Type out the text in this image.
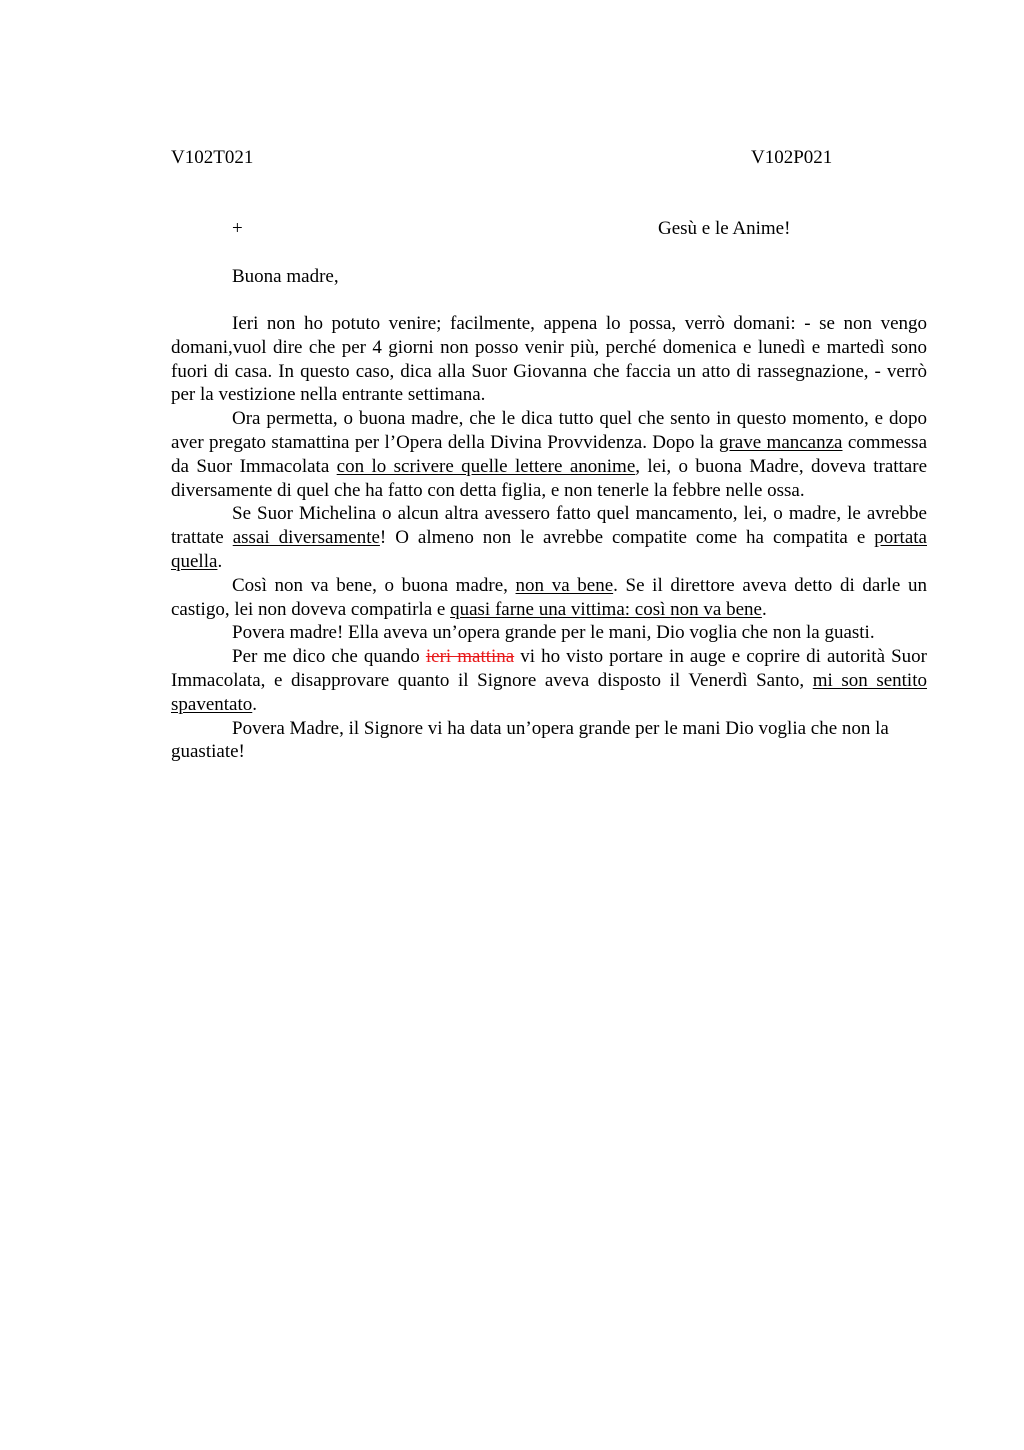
V102T021	V102P021
+	Gesù e le Anime!
Buona madre,

Ieri non ho potuto venire; facilmente, appena lo possa, verrò domani: - se non vengo domani,vuol dire che per 4 giorni non posso venir più, perché domenica e lunedì e martedì sono fuori di casa. In questo caso, dica alla Suor Giovanna che faccia un atto di rassegnazione, - verrò per la vestizione nella entrante settimana.

Ora permetta, o buona madre, che le dica tutto quel che sento in questo momento, e dopo aver pregato stamattina per l’Opera della Divina Provvidenza. Dopo la grave mancanza commessa da Suor Immacolata con lo scrivere quelle lettere anonime, lei, o buona Madre, doveva trattare diversamente di quel che ha fatto con detta figlia, e non tenerle la febbre nelle ossa.

Se Suor Michelina o alcun altra avessero fatto quel mancamento, lei, o madre, le avrebbe trattate assai diversamente! O almeno non le avrebbe compatite come ha compatita e portata quella.

Così non va bene, o buona madre, non va bene. Se il direttore aveva detto di darle un castigo, lei non doveva compatirla e quasi farne una vittima: così non va bene.

Povera madre! Ella aveva un’opera grande per le mani, Dio voglia che non la guasti.

Per me dico che quando ieri mattina vi ho visto portare in auge e coprire di autorità Suor Immacolata, e disapprovare quanto il Signore aveva disposto il Venerdì Santo, mi son sentito spaventato.

Povera Madre, il Signore vi ha data un’opera grande per le mani Dio voglia che non la guastiate!
